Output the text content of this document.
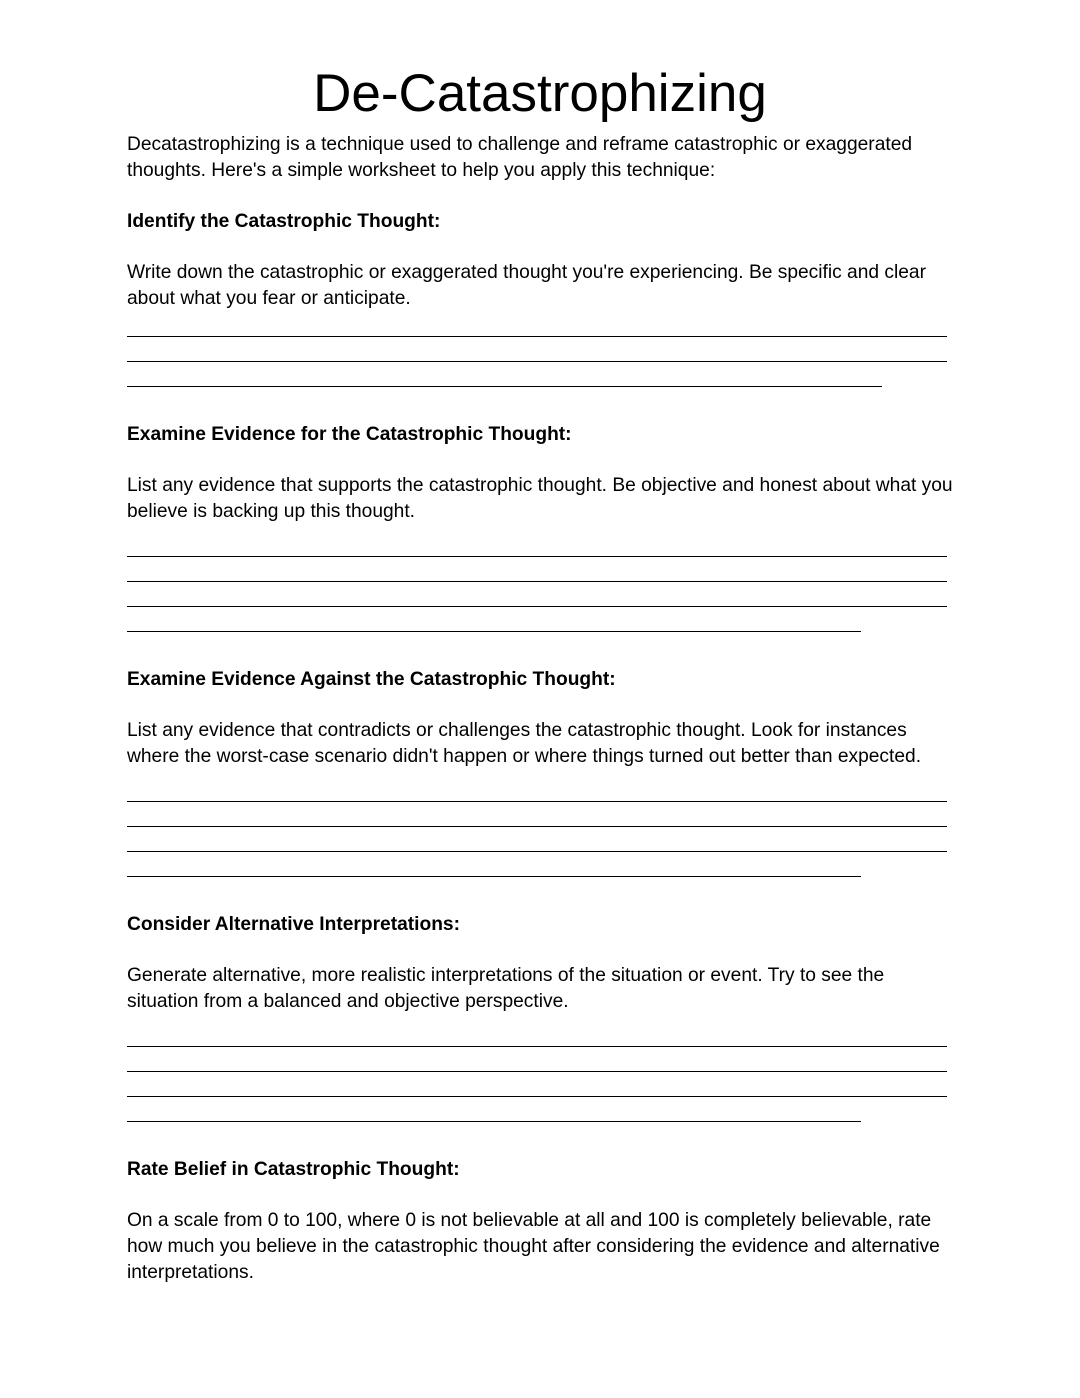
De-Catastrophizing

Decatastrophizing is a technique used to challenge and reframe catastrophic or exaggerated thoughts. Here's a simple worksheet to help you apply this technique:

Identify the Catastrophic Thought:

Write down the catastrophic or exaggerated thought you're experiencing. Be specific and clear about what you fear or anticipate.

Examine Evidence for the Catastrophic Thought:

List any evidence that supports the catastrophic thought. Be objective and honest about what you believe is backing up this thought.

Examine Evidence Against the Catastrophic Thought:

List any evidence that contradicts or challenges the catastrophic thought. Look for instances where the worst-case scenario didn't happen or where things turned out better than expected.

Consider Alternative Interpretations:

Generate alternative, more realistic interpretations of the situation or event. Try to see the situation from a balanced and objective perspective.

Rate Belief in Catastrophic Thought:

On a scale from 0 to 100, where 0 is not believable at all and 100 is completely believable, rate how much you believe in the catastrophic thought after considering the evidence and alternative interpretations.
